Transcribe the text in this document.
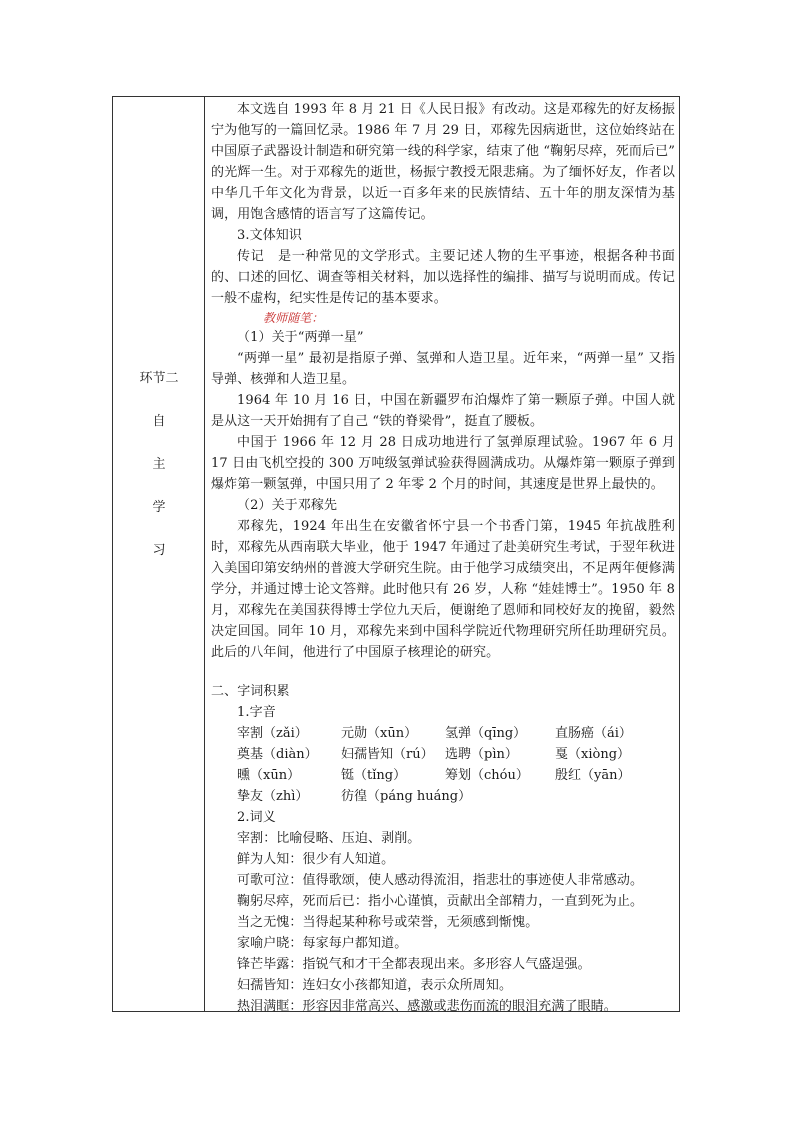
环节二
自
主
学
习

本文选自 1993 年 8 月 21 日《人民日报》有改动。这是邓稼先的好友杨振宁为他写的一篇回忆录。1986 年 7 月 29 日，邓稼先因病逝世，这位始终站在中国原子武器设计制造和研究第一线的科学家，结束了他 “鞠躬尽瘁，死而后已” 的光辉一生。对于邓稼先的逝世，杨振宁教授无限悲痛。为了缅怀好友，作者以中华几千年文化为背景，以近一百多年来的民族情结、五十年的朋友深情为基调，用饱含感情的语言写了这篇传记。

3.文体知识

传记　是一种常见的文学形式。主要记述人物的生平事迹，根据各种书面的、口述的回忆、调查等相关材料，加以选择性的编排、描写与说明而成。传记一般不虚构，纪实性是传记的基本要求。

教师随笔：

（1）关于“两弹一星”

“两弹一星” 最初是指原子弹、氢弹和人造卫星。近年来，“两弹一星” 又指导弹、核弹和人造卫星。

1964 年 10 月 16 日，中国在新疆罗布泊爆炸了第一颗原子弹。中国人就是从这一天开始拥有了自己 “铁的脊梁骨”，挺直了腰板。

中国于 1966 年 12 月 28 日成功地进行了氢弹原理试验。1967 年 6 月 17 日由飞机空投的 300 万吨级氢弹试验获得圆满成功。从爆炸第一颗原子弹到爆炸第一颗氢弹，中国只用了 2 年零 2 个月的时间，其速度是世界上最快的。

（2）关于邓稼先

邓稼先，1924 年出生在安徽省怀宁县一个书香门第，1945 年抗战胜利时，邓稼先从西南联大毕业，他于 1947 年通过了赴美研究生考试，于翌年秋进入美国印第安纳州的普渡大学研究生院。由于他学习成绩突出，不足两年便修满学分，并通过博士论文答辩。此时他只有 26 岁，人称 “娃娃博士”。1950 年 8 月，邓稼先在美国获得博士学位九天后，便谢绝了恩师和同校好友的挽留，毅然决定回国。同年 10 月，邓稼先来到中国科学院近代物理研究所任助理研究员。此后的八年间，他进行了中国原子核理论的研究。

二、字词积累

1.字音

宰割（zǎi）	元勋（xūn）	氢弹（qīng）	直肠癌（ái）
奠基（diàn）	妇孺皆知（rú） 选聘（pìn）	戛（xiòng）
曛（xūn）	铤（tǐng）	筹划（chóu）	殷红（yān）
挚友（zhì）	彷徨（páng huáng）

2.词义

宰割：比喻侵略、压迫、剥削。

鲜为人知：很少有人知道。

可歌可泣：值得歌颂，使人感动得流泪，指悲壮的事迹使人非常感动。

鞠躬尽瘁，死而后已：指小心谨慎，贡献出全部精力，一直到死为止。

当之无愧：当得起某种称号或荣誉，无须感到惭愧。

家喻户晓：每家每户都知道。

锋芒毕露：指锐气和才干全都表现出来。多形容人气盛逞强。

妇孺皆知：连妇女小孩都知道，表示众所周知。

热泪满眶：形容因非常高兴、感激或悲伤而流的眼泪充满了眼睛。
